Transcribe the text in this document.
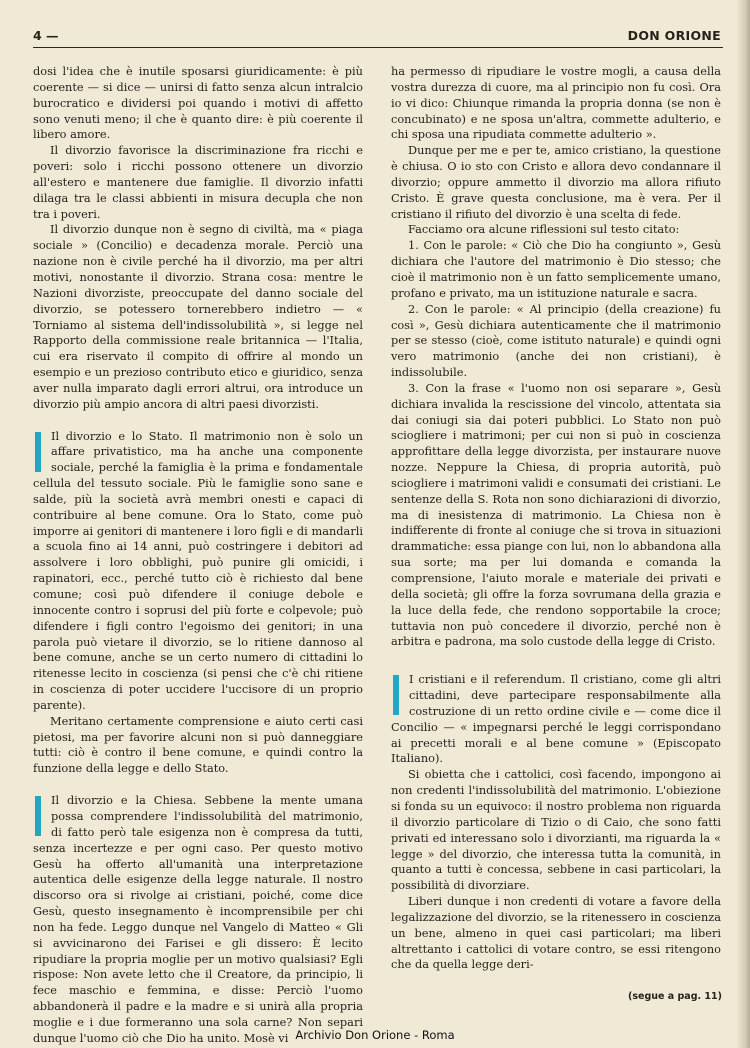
4 —	DON ORIONE

dosi l'idea che è inutile sposarsi giuridicamente: è più coerente — si dice — unirsi di fatto senza alcun intralcio burocratico e dividersi poi quando i motivi di affetto sono venuti meno; il che è quanto dire: è più coerente il libero amore.

Il divorzio favorisce la discriminazione fra ricchi e poveri: solo i ricchi possono ottenere un divorzio all'estero e mantenere due famiglie. Il divorzio infatti dilaga tra le classi abbienti in misura decupla che non tra i poveri.

Il divorzio dunque non è segno di civiltà, ma « piaga sociale » (Concilio) e decadenza morale. Perciò una nazione non è civile perché ha il divorzio, ma per altri motivi, nonostante il divorzio. Strana cosa: mentre le Nazioni divorziste, preoccupate del danno sociale del divorzio, se potessero tornerebbero indietro — « Torniamo al sistema dell'indissolubilità », si legge nel Rapporto della commissione reale britannica — l'Italia, cui era riservato il compito di offrire al mondo un esempio e un prezioso contributo etico e giuridico, senza aver nulla imparato dagli errori altrui, ora introduce un divorzio più ampio ancora di altri paesi divorzisti.

Il divorzio e lo Stato. Il matrimonio non è solo un affare privatistico, ma ha anche una componente sociale, perché la famiglia è la prima e fondamentale cellula del tessuto sociale. Più le famiglie sono sane e salde, più la società avrà membri onesti e capaci di contribuire al bene comune. Ora lo Stato, come può imporre ai genitori di mantenere i loro figli e di mandarli a scuola fino ai 14 anni, può costringere i debitori ad assolvere i loro obblighi, può punire gli omicidi, i rapinatori, ecc., perché tutto ciò è richiesto dal bene comune; così può difendere il coniuge debole e innocente contro i soprusi del più forte e colpevole; può difendere i figli contro l'egoismo dei genitori; in una parola può vietare il divorzio, se lo ritiene dannoso al bene comune, anche se un certo numero di cittadini lo ritenesse lecito in coscienza (si pensi che c'è chi ritiene in coscienza di poter uccidere l'uccisore di un proprio parente).

Meritano certamente comprensione e aiuto certi casi pietosi, ma per favorire alcuni non si può danneggiare tutti: ciò è contro il bene comune, e quindi contro la funzione della legge e dello Stato.

Il divorzio e la Chiesa. Sebbene la mente umana possa comprendere l'indissolubilità del matrimonio, di fatto però tale esigenza non è compresa da tutti, senza incertezze e per ogni caso. Per questo motivo Gesù ha offerto all'umanità una interpretazione autentica delle esigenze della legge naturale. Il nostro discorso ora si rivolge ai cristiani, poiché, come dice Gesù, questo insegnamento è incomprensibile per chi non ha fede. Leggo dunque nel Vangelo di Matteo « Gli si avvicinarono dei Farisei e gli dissero: È lecito ripudiare la propria moglie per un motivo qualsiasi? Egli rispose: Non avete letto che il Creatore, da principio, li fece maschio e femmina, e disse: Perciò l'uomo abbandonerà il padre e la madre e si unirà alla propria moglie e i due formeranno una sola carne? Non separi dunque l'uomo ciò che Dio ha unito. Mosè vi

ha permesso di ripudiare le vostre mogli, a causa della vostra durezza di cuore, ma al principio non fu così. Ora io vi dico: Chiunque rimanda la propria donna (se non è concubinato) e ne sposa un'altra, commette adulterio, e chi sposa una ripudiata commette adulterio ».

Dunque per me e per te, amico cristiano, la questione è chiusa. O io sto con Cristo e allora devo condannare il divorzio; oppure ammetto il divorzio ma allora rifiuto Cristo. È grave questa conclusione, ma è vera. Per il cristiano il rifiuto del divorzio è una scelta di fede.

Facciamo ora alcune riflessioni sul testo citato:

1. Con le parole: « Ciò che Dio ha congiunto », Gesù dichiara che l'autore del matrimonio è Dio stesso; che cioè il matrimonio non è un fatto semplicemente umano, profano e privato, ma un istituzione naturale e sacra.

2. Con le parole: « Al principio (della creazione) fu così », Gesù dichiara autenticamente che il matrimonio per se stesso (cioè, come istituto naturale) e quindi ogni vero matrimonio (anche dei non cristiani), è indissolubile.

3. Con la frase « l'uomo non osi separare », Gesù dichiara invalida la rescissione del vincolo, attentata sia dai coniugi sia dai poteri pubblici. Lo Stato non può sciogliere i matrimoni; per cui non si può in coscienza approfittare della legge divorzista, per instaurare nuove nozze. Neppure la Chiesa, di propria autorità, può sciogliere i matrimoni validi e consumati dei cristiani. Le sentenze della S. Rota non sono dichiarazioni di divorzio, ma di inesistenza di matrimonio. La Chiesa non è indifferente di fronte al coniuge che si trova in situazioni drammatiche: essa piange con lui, non lo abbandona alla sua sorte; ma per lui domanda e comanda la comprensione, l'aiuto morale e materiale dei privati e della società; gli offre la forza sovrumana della grazia e la luce della fede, che rendono sopportabile la croce; tuttavia non può concedere il divorzio, perché non è arbitra e padrona, ma solo custode della legge di Cristo.

I cristiani e il referendum. Il cristiano, come gli altri cittadini, deve partecipare responsabilmente alla costruzione di un retto ordine civile e — come dice il Concilio — « impegnarsi perché le leggi corrispondano ai precetti morali e al bene comune » (Episcopato Italiano).

Si obietta che i cattolici, così facendo, impongono ai non credenti l'indissolubilità del matrimonio. L'obiezione si fonda su un equivoco: il nostro problema non riguarda il divorzio particolare di Tizio o di Caio, che sono fatti privati ed interessano solo i divorzianti, ma riguarda la « legge » del divorzio, che interessa tutta la comunità, in quanto a tutti è concessa, sebbene in casi particolari, la possibilità di divorziare.

Liberi dunque i non credenti di votare a favore della legalizzazione del divorzio, se la ritenessero in coscienza un bene, almeno in quei casi particolari; ma liberi altrettanto i cattolici di votare contro, se essi ritengono che da quella legge deri-

(segue a pag. 11)
Archivio Don Orione - Roma
